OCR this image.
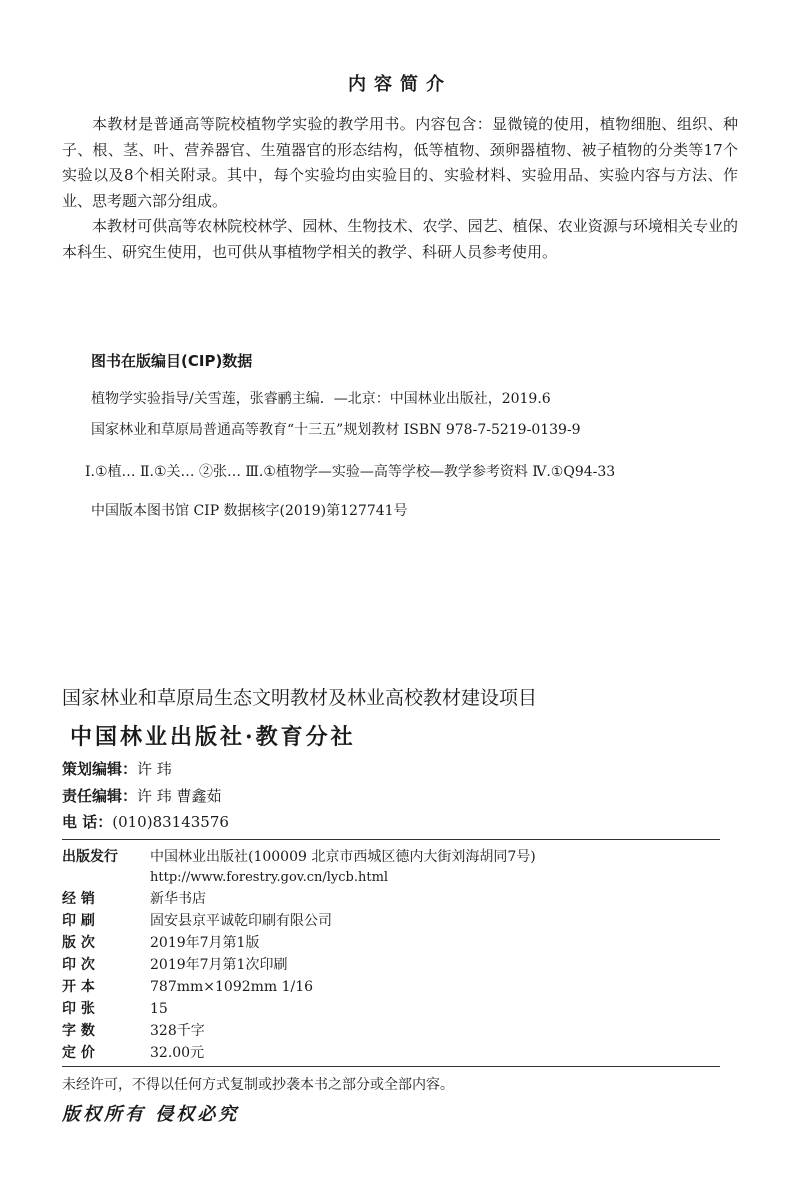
内容简介

本教材是普通高等院校植物学实验的教学用书。内容包含：显微镜的使用，植物细胞、组织、种子、根、茎、叶、营养器官、生殖器官的形态结构，低等植物、颈卵器植物、被子植物的分类等17个实验以及8个相关附录。其中，每个实验均由实验目的、实验材料、实验用品、实验内容与方法、作业、思考题六部分组成。

本教材可供高等农林院校林学、园林、生物技术、农学、园艺、植保、农业资源与环境相关专业的本科生、研究生使用，也可供从事植物学相关的教学、科研人员参考使用。

图书在版编目(CIP)数据
植物学实验指导/关雪莲，张睿鹂主编．—北京：中国林业出版社，2019.6
国家林业和草原局普通高等教育“十三五”规划教材 ISBN 978-7-5219-0139-9
Ⅰ.①植… Ⅱ.①关… ②张… Ⅲ.①植物学—实验—高等学校—教学参考资料 Ⅳ.①Q94-33
中国版本图书馆 CIP 数据核字(2019)第127741号
国家林业和草原局生态文明教材及林业高校教材建设项目
中国林业出版社·教育分社
策划编辑：许 玮
责任编辑：许 玮 曹鑫茹
电 话：(010)83143576
出版发行 中国林业出版社(100009 北京市西城区德内大街刘海胡同7号)
http://www.forestry.gov.cn/lycb.html
经 销	新华书店
印 刷	固安县京平诚乾印刷有限公司
版 次	2019年7月第1版
印 次	2019年7月第1次印刷
开 本	787mm×1092mm 1/16
印 张	15
字 数	328千字
定 价	32.00元
未经许可，不得以任何方式复制或抄袭本书之部分或全部内容。
版权所有 侵权必究
